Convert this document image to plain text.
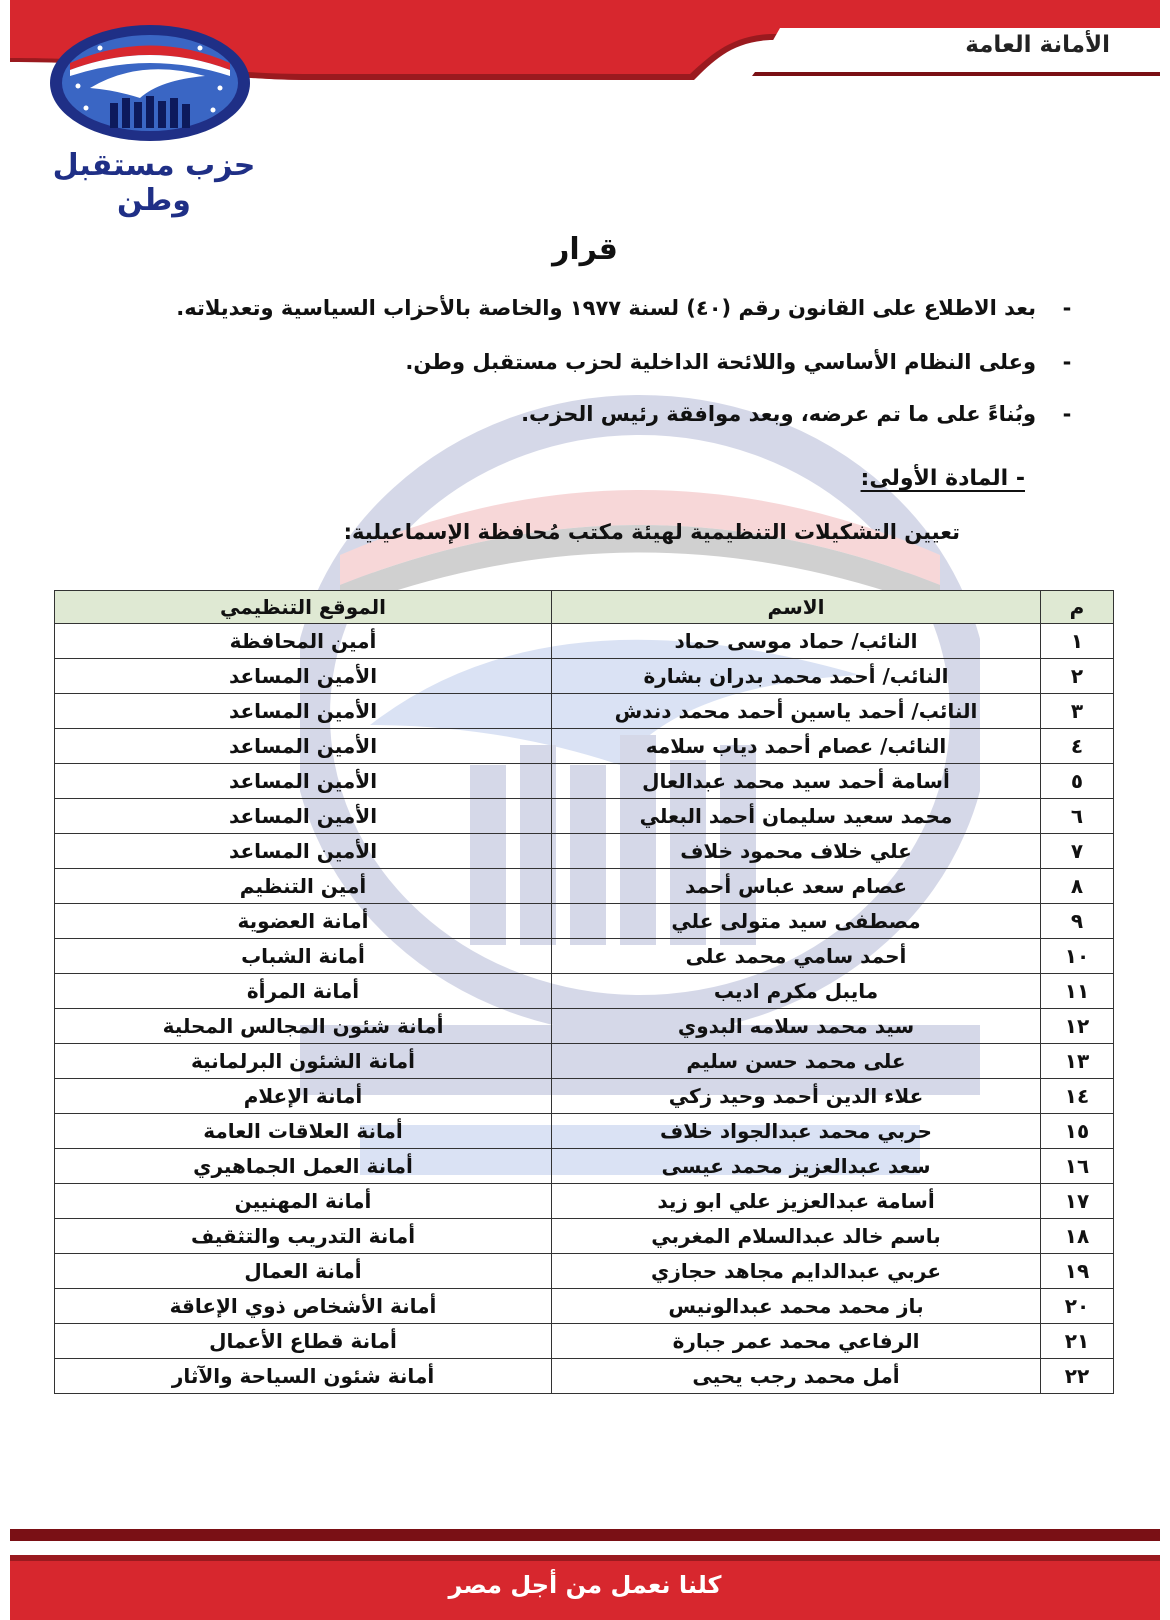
الأمانة العامة
حزب مستقبل وطن
قرار
-بعد الاطلاع على القانون رقم (٤٠) لسنة ١٩٧٧ والخاصة بالأحزاب السياسية وتعديلاته.
-وعلى النظام الأساسي واللائحة الداخلية لحزب مستقبل وطن.
-وبُناءً على ما تم عرضه، وبعد موافقة رئيس الحزب.
- المادة الأولى:
تعيين التشكيلات التنظيمية لهيئة مكتب مُحافظة الإسماعيلية:
م	الاسم	الموقع التنظيمي
١	النائب/ حماد موسى حماد	أمين المحافظة
٢	النائب/ أحمد محمد بدران بشارة	الأمين المساعد
٣	النائب/ أحمد ياسين أحمد محمد دندش	الأمين المساعد
٤	النائب/ عصام أحمد دياب سلامه	الأمين المساعد
٥	أسامة أحمد سيد محمد عبدالعال	الأمين المساعد
٦	محمد سعيد سليمان أحمد البعلي	الأمين المساعد
٧	علي خلاف محمود خلاف	الأمين المساعد
٨	عصام سعد عباس أحمد	أمين التنظيم
٩	مصطفى سيد متولى علي	أمانة العضوية
١٠	أحمد سامي محمد على	أمانة الشباب
١١	مايبل مكرم اديب	أمانة المرأة
١٢	سيد محمد سلامه البدوي	أمانة شئون المجالس المحلية
١٣	على محمد حسن سليم	أمانة الشئون البرلمانية
١٤	علاء الدين أحمد وحيد زكي	أمانة الإعلام
١٥	حربي محمد عبدالجواد خلاف	أمانة العلاقات العامة
١٦	سعد عبدالعزيز محمد عيسى	أمانة العمل الجماهيري
١٧	أسامة عبدالعزيز علي ابو زيد	أمانة المهنيين
١٨	باسم خالد عبدالسلام المغربي	أمانة التدريب والتثقيف
١٩	عربي عبدالدايم مجاهد حجازي	أمانة العمال
٢٠	باز محمد محمد عبدالونيس	أمانة الأشخاص ذوي الإعاقة
٢١	الرفاعي محمد عمر جبارة	أمانة قطاع الأعمال
٢٢	أمل محمد رجب يحيى	أمانة شئون السياحة والآثار
كلنا نعمل من أجل مصر
